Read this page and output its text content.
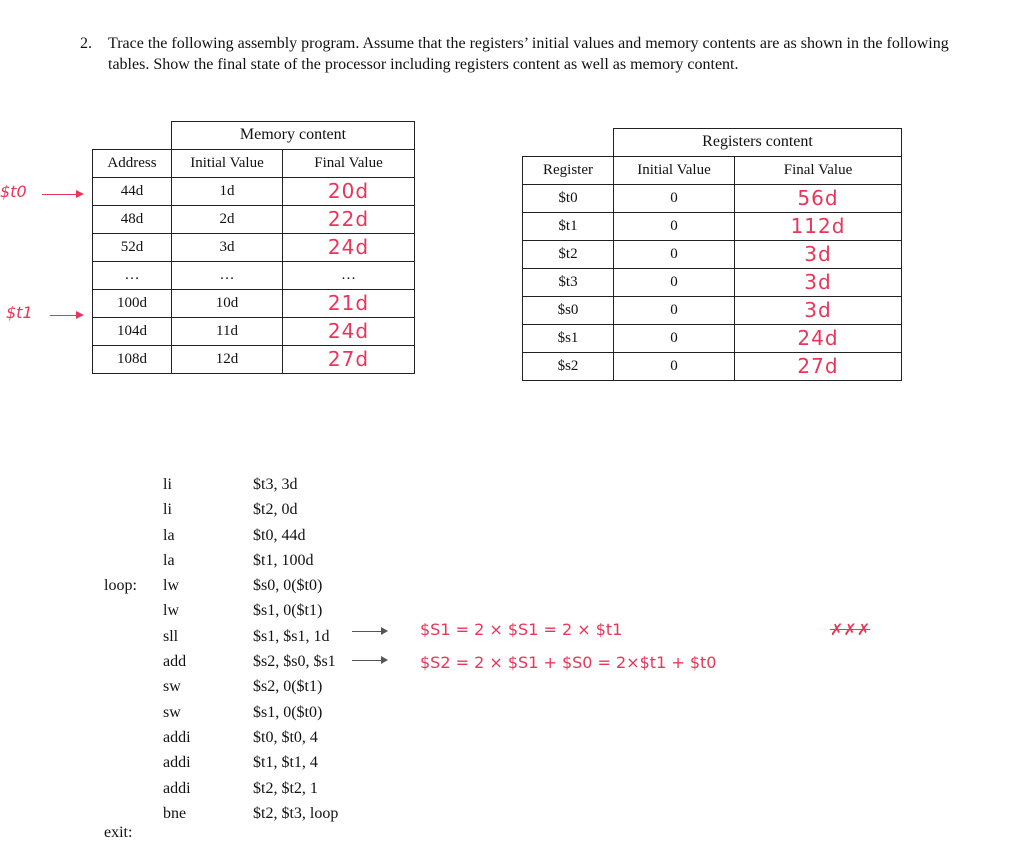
2. Trace the following assembly program. Assume that the registers’ initial values and memory contents are as shown in the following tables. Show the final state of the processor including registers content as well as memory content.
$t0
$t1
	Memory content	
Address	Initial Value	Final Value
44d	1d	20d
48d	2d	22d
52d	3d	24d
…	…	…
100d	10d	21d
104d	11d	24d
108d	12d	27d
	Registers content	
Register	Initial Value	Final Value
$t0	0	56d
$t1	0	112d
$t2	0	3d
$t3	0	3d
$s0	0	3d
$s1	0	24d
$s2	0	27d
li	$t3, 3d
li	$t2, 0d
la	$t0, 44d
la	$t1, 100d
loop: lw	$s0, 0($t0)
lw	$s1, 0($t1)
sll	$s1, $s1, 1d
add	$s2, $s0, $s1
sw	$s2, 0($t1)
sw	$s1, 0($t0)
addi	$t0, $t0, 4
addi	$t1, $t1, 4
addi	$t2, $t2, 1
bne	$t2, $t3, loop
exit:
$S1 = 2 × $S1 = 2 × $t1	✗✗✗
$S2 = 2 × $S1 + $S0 = 2×$t1 + $t0
